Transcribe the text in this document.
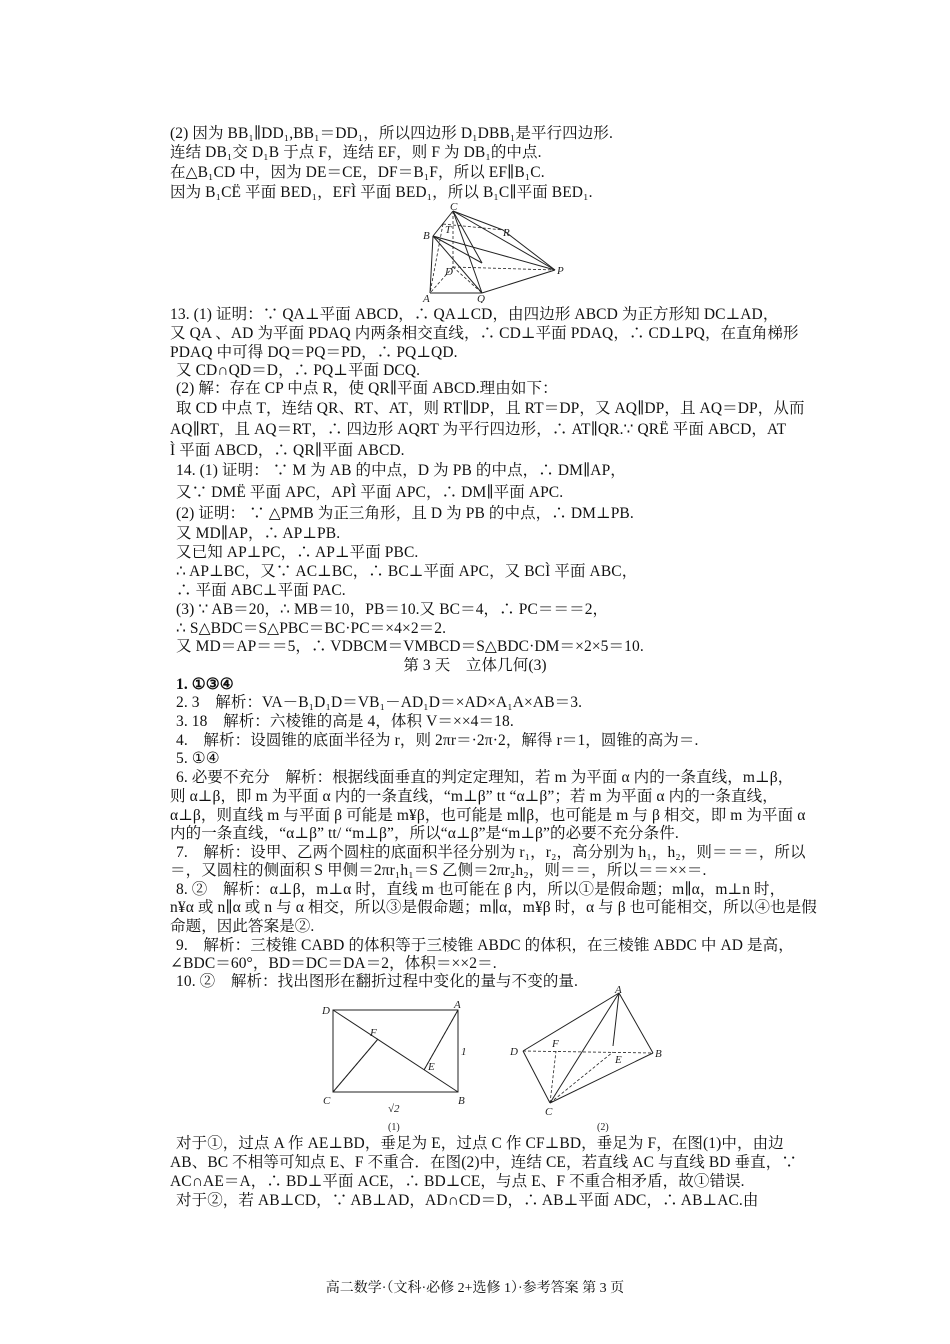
(2) 因为 BB₁∥DD₁,BB₁＝DD₁，所以四边形 D₁DBB₁是平行四边形.
连结 DB₁交 D₁B 于点 F，连结 EF，则 F 为 DB₁的中点.
在△B₁CD 中，因为 DE＝CE，DF＝B₁F，所以 EF∥B₁C.
因为 B₁CË 平面 BED₁，EFÌ 平面 BED₁，所以 B₁C∥平面 BED₁.
C
B T	R
D	P
A	Q
13. (1) 证明：∵ QA⊥平面 ABCD，∴ QA⊥CD，由四边形 ABCD 为正方形知 DC⊥AD，
又 QA 、AD 为平面 PDAQ 内两条相交直线，∴ CD⊥平面 PDAQ，∴ CD⊥PQ，在直角梯形
PDAQ 中可得 DQ＝PQ＝PD，∴ PQ⊥QD.
又 CD∩QD＝D，∴ PQ⊥平面 DCQ.
(2) 解：存在 CP 中点 R，使 QR∥平面 ABCD.理由如下：
取 CD 中点 T，连结 QR、RT、AT，则 RT∥DP，且 RT＝DP，又 AQ∥DP，且 AQ＝DP，从而
AQ∥RT，且 AQ＝RT，∴ 四边形 AQRT 为平行四边形，∴ AT∥QR.∵ QRË 平面 ABCD，AT
Ì 平面 ABCD，∴ QR∥平面 ABCD.
14. (1) 证明： ∵ M 为 AB 的中点，D 为 PB 的中点，∴ DM∥AP，
又∵ DMË 平面 APC，APÌ 平面 APC，∴ DM∥平面 APC.
(2) 证明： ∵ △PMB 为正三角形，且 D 为 PB 的中点，∴ DM⊥PB.
又 MD∥AP，∴ AP⊥PB.
又已知 AP⊥PC，∴ AP⊥平面 PBC.
∴ AP⊥BC，又∵ AC⊥BC，∴ BC⊥平面 APC，又 BCÌ 平面 ABC，
∴ 平面 ABC⊥平面 PAC.
(3) ∵ AB＝20，∴ MB＝10，PB＝10.又 BC＝4，∴ PC＝＝＝2，
∴ S△BDC＝S△PBC＝BC·PC＝×4×2＝2.
又 MD＝AP＝＝5，∴ VDBCM＝VMBCD＝S△BDC·DM＝×2×5＝10.
第 3 天　立体几何(3)
1. ①③④
2. 3　解析：VA－B₁D₁D＝VB₁－AD₁D＝×AD×A₁A×AB＝3.
3. 18　解析：六棱锥的高是 4，体积 V＝××4＝18.
4.　解析：设圆锥的底面半径为 r，则 2πr＝·2π·2，解得 r＝1，圆锥的高为＝.
5. ①④
6. 必要不充分　解析：根据线面垂直的判定定理知，若 m 为平面 α 内的一条直线，m⊥β，
则 α⊥β，即 m 为平面 α 内的一条直线，“m⊥β” tt “α⊥β”；若 m 为平面 α 内的一条直线，
α⊥β，则直线 m 与平面 β 可能是 m¥β，也可能是 m∥β，也可能是 m 与 β 相交，即 m 为平面 α
内的一条直线，“α⊥β” tt/ “m⊥β”，所以“α⊥β”是“m⊥β”的必要不充分条件.
7.　解析：设甲、乙两个圆柱的底面积半径分别为 r₁，r₂，高分别为 h₁，h₂，则＝＝＝，所以
＝，又圆柱的侧面积 S 甲侧＝2πr₁h₁＝S 乙侧＝2πr₂h₂，则＝＝，所以＝＝××＝.
8. ②　解析：α⊥β，m⊥α 时，直线 m 也可能在 β 内，所以①是假命题；m∥α，m⊥n 时，
n¥α 或 n∥α 或 n 与 α 相交，所以③是假命题；m∥α，m¥β 时，α 与 β 也可能相交，所以④也是假
命题，因此答案是②.
9.　解析：三棱锥 CABD 的体积等于三棱锥 ABDC 的体积，在三棱锥 ABDC 中 AD 是高，
∠BDC＝60°，BD＝DC＝DA＝2，体积＝××2＝.
10. ②　解析：找出图形在翻折过程中变化的量与不变的量.
D	A
F
E
C	B
1
√2
(1)
A
D
F
E	B
C
(2)
对于①，过点 A 作 AE⊥BD，垂足为 E，过点 C 作 CF⊥BD，垂足为 F，在图(1)中，由边
AB、BC 不相等可知点 E、F 不重合．在图(2)中，连结 CE，若直线 AC 与直线 BD 垂直，∵
AC∩AE＝A，∴ BD⊥平面 ACE，∴ BD⊥CE，与点 E、F 不重合相矛盾，故①错误.
对于②，若 AB⊥CD，∵ AB⊥AD，AD∩CD＝D，∴ AB⊥平面 ADC，∴ AB⊥AC.由
高二数学·（文科·必修 2+选修 1）·参考答案 第 3 页
